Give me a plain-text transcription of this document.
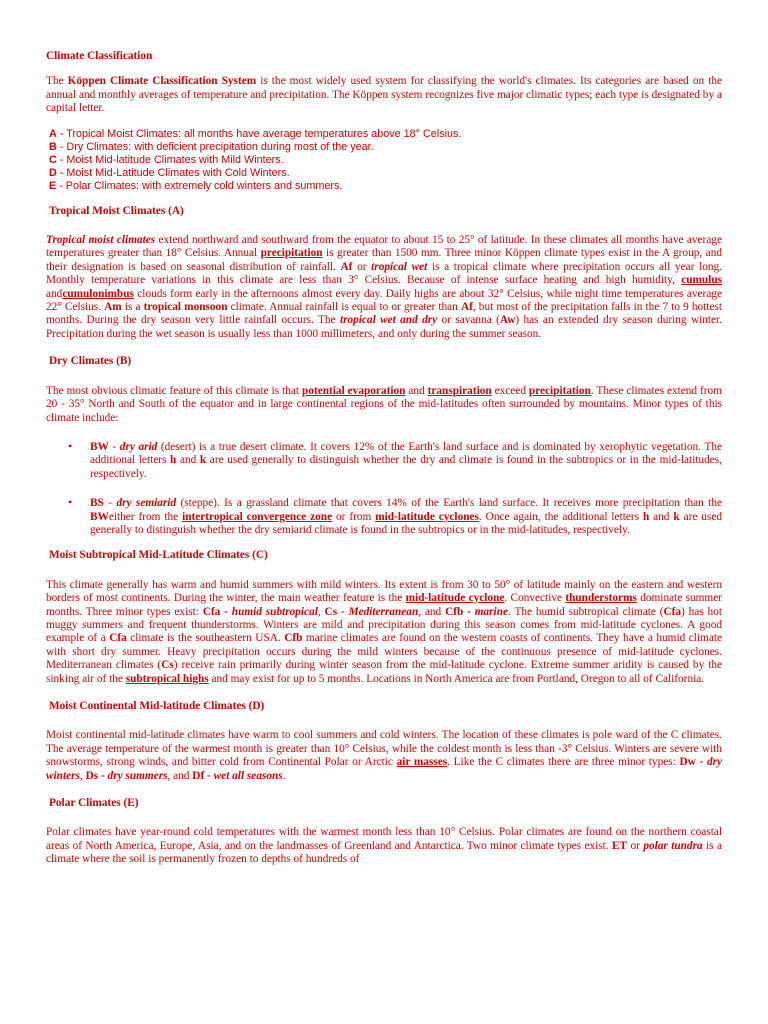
Climate Classification

The Köppen Climate Classification System is the most widely used system for classifying the world's climates. Its categories are based on the annual and monthly averages of temperature and precipitation. The Köppen system recognizes five major climatic types; each type is designated by a capital letter.

A - Tropical Moist Climates: all months have average temperatures above 18° Celsius.

B - Dry Climates: with deficient precipitation during most of the year.

C - Moist Mid-latitude Climates with Mild Winters.

D - Moist Mid-Latitude Climates with Cold Winters.

E - Polar Climates: with extremely cold winters and summers.

Tropical Moist Climates (A)

Tropical moist climates extend northward and southward from the equator to about 15 to 25° of latitude. In these climates all months have average temperatures greater than 18° Celsius. Annual precipitation is greater than 1500 mm. Three minor Köppen climate types exist in the A group, and their designation is based on seasonal distribution of rainfall. Af or tropical wet is a tropical climate where precipitation occurs all year long. Monthly temperature variations in this climate are less than 3° Celsius. Because of intense surface heating and high humidity, cumulus andcumulonimbus clouds form early in the afternoons almost every day. Daily highs are about 32° Celsius, while night time temperatures average 22° Celsius. Am is a tropical monsoon climate. Annual rainfall is equal to or greater than Af, but most of the precipitation falls in the 7 to 9 hottest months. During the dry season very little rainfall occurs. The tropical wet and dry or savanna (Aw) has an extended dry season during winter. Precipitation during the wet season is usually less than 1000 millimeters, and only during the summer season.

Dry Climates (B)

The most obvious climatic feature of this climate is that potential evaporation and transpiration exceed precipitation. These climates extend from 20 - 35° North and South of the equator and in large continental regions of the mid-latitudes often surrounded by mountains. Minor types of this climate include:

• BW - dry arid (desert) is a true desert climate. It covers 12% of the Earth's land surface and is dominated by xerophytic vegetation. The additional letters h and k are used generally to distinguish whether the dry and climate is found in the subtropics or in the mid-latitudes, respectively.
• BS - dry semiarid (steppe). Is a grassland climate that covers 14% of the Earth's land surface. It receives more precipitation than the BWeither from the intertropical convergence zone or from mid-latitude cyclones. Once again, the additional letters h and k are used generally to distinguish whether the dry semiarid climate is found in the subtropics or in the mid-latitudes, respectively.
Moist Subtropical Mid-Latitude Climates (C)

This climate generally has warm and humid summers with mild winters. Its extent is from 30 to 50° of latitude mainly on the eastern and western borders of most continents. During the winter, the main weather feature is the mid-latitude cyclone. Convective thunderstorms dominate summer months. Three minor types exist: Cfa - humid subtropical, Cs - Mediterranean, and Cfb - marine. The humid subtropical climate (Cfa) has hot muggy summers and frequent thunderstorms. Winters are mild and precipitation during this season comes from mid-latitude cyclones. A good example of a Cfa climate is the southeastern USA. Cfb marine climates are found on the western coasts of continents. They have a humid climate with short dry summer. Heavy precipitation occurs during the mild winters because of the continuous presence of mid-latitude cyclones. Mediterranean climates (Cs) receive rain primarily during winter season from the mid-latitude cyclone. Extreme summer aridity is caused by the sinking air of the subtropical highs and may exist for up to 5 months. Locations in North America are from Portland, Oregon to all of California.

Moist Continental Mid-latitude Climates (D)

Moist continental mid-latitude climates have warm to cool summers and cold winters. The location of these climates is pole ward of the C climates. The average temperature of the warmest month is greater than 10° Celsius, while the coldest month is less than -3° Celsius. Winters are severe with snowstorms, strong winds, and bitter cold from Continental Polar or Arctic air masses. Like the C climates there are three minor types: Dw - dry winters, Ds - dry summers, and Df - wet all seasons.

Polar Climates (E)

Polar climates have year-round cold temperatures with the warmest month less than 10° Celsius. Polar climates are found on the northern coastal areas of North America, Europe, Asia, and on the landmasses of Greenland and Antarctica. Two minor climate types exist. ET or polar tundra is a climate where the soil is permanently frozen to depths of hundreds of
